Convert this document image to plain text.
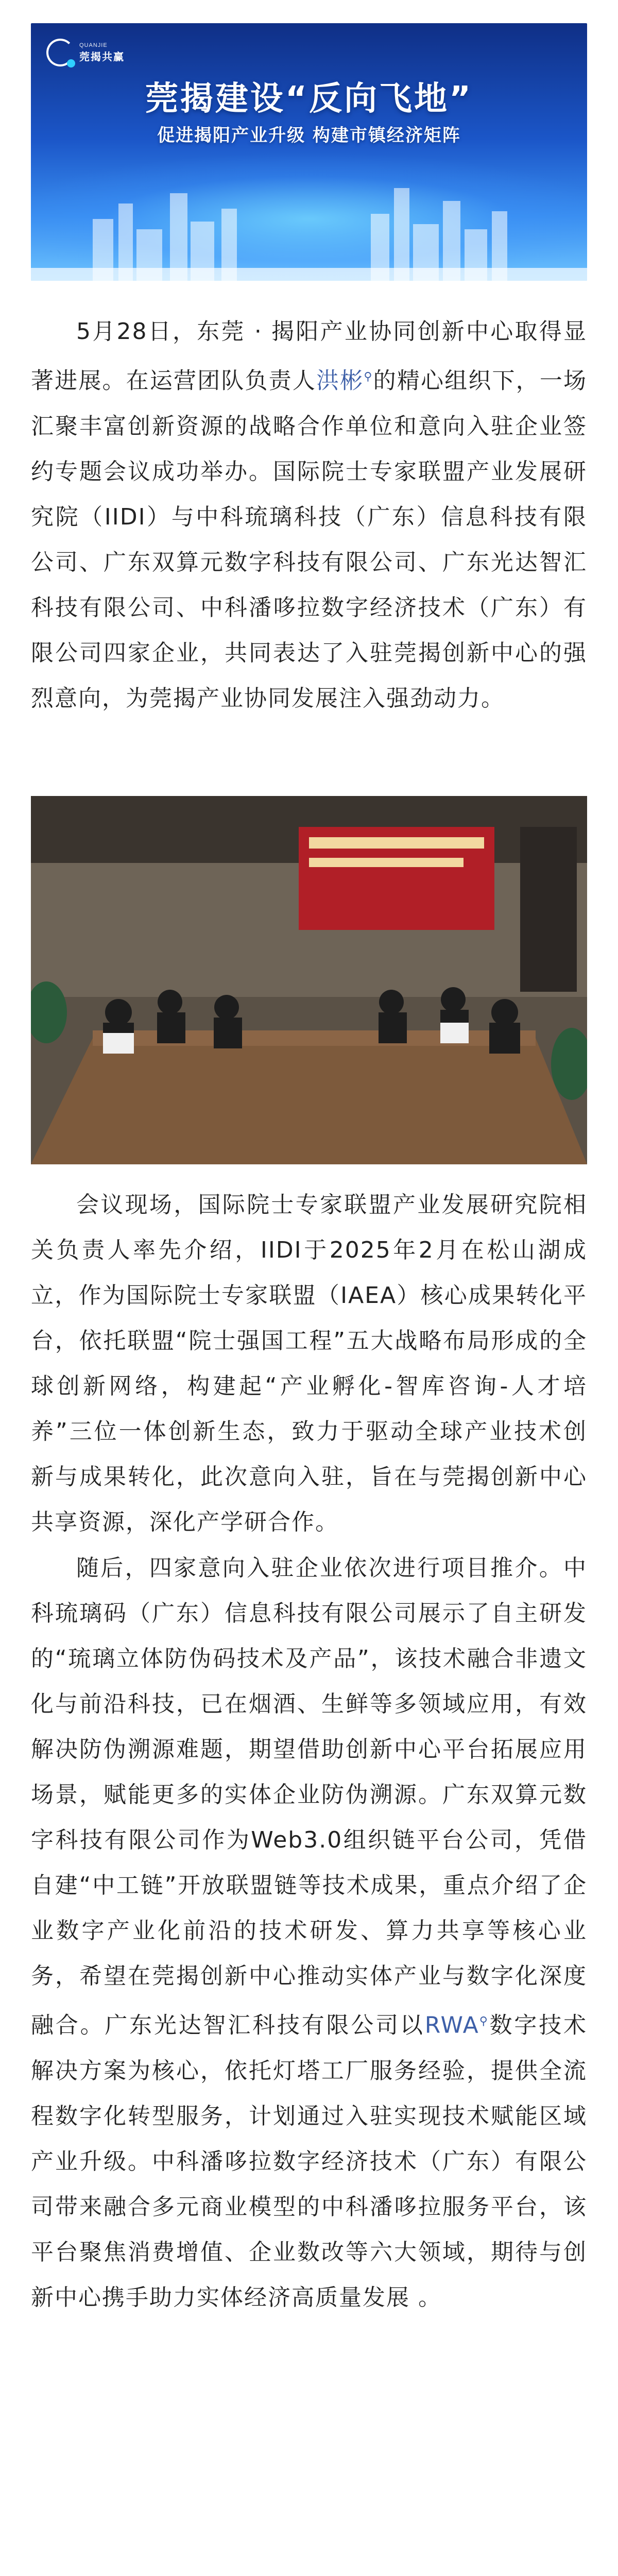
QUANJIE
莞揭共赢
莞揭建设“反向飞地”
促进揭阳产业升级 构建市镇经济矩阵

5月28日，东莞 · 揭阳产业协同创新中心取得显著进展。在运营团队负责人洪彬⚲的精心组织下，一场汇聚丰富创新资源的战略合作单位和意向入驻企业签约专题会议成功举办。国际院士专家联盟产业发展研究院（IIDI）与中科琉璃科技（广东）信息科技有限公司、广东双算元数字科技有限公司、广东光达智汇科技有限公司、中科潘哆拉数字经济技术（广东）有限公司四家企业，共同表达了入驻莞揭创新中心的强烈意向，为莞揭产业协同发展注入强劲动力。

会议现场，国际院士专家联盟产业发展研究院相关负责人率先介绍，IIDI于2025年2月在松山湖成立，作为国际院士专家联盟（IAEA）核心成果转化平台，依托联盟“院士强国工程”五大战略布局形成的全球创新网络，构建起“产业孵化-智库咨询-人才培养”三位一体创新生态，致力于驱动全球产业技术创新与成果转化，此次意向入驻，旨在与莞揭创新中心共享资源，深化产学研合作。

随后，四家意向入驻企业依次进行项目推介。中科琉璃码（广东）信息科技有限公司展示了自主研发的“琉璃立体防伪码技术及产品”，该技术融合非遗文化与前沿科技，已在烟酒、生鲜等多领域应用，有效解决防伪溯源难题，期望借助创新中心平台拓展应用场景，赋能更多的实体企业防伪溯源。广东双算元数字科技有限公司作为Web3.0组织链平台公司，凭借自建“中工链”开放联盟链等技术成果，重点介绍了企业数字产业化前沿的技术研发、算力共享等核心业务，希望在莞揭创新中心推动实体产业与数字化深度融合。广东光达智汇科技有限公司以RWA⚲数字技术解决方案为核心，依托灯塔工厂服务经验，提供全流程数字化转型服务，计划通过入驻实现技术赋能区域产业升级。中科潘哆拉数字经济技术（广东）有限公司带来融合多元商业模型的中科潘哆拉服务平台，该平台聚焦消费增值、企业数改等六大领域，期待与创新中心携手助力实体经济高质量发展 。
